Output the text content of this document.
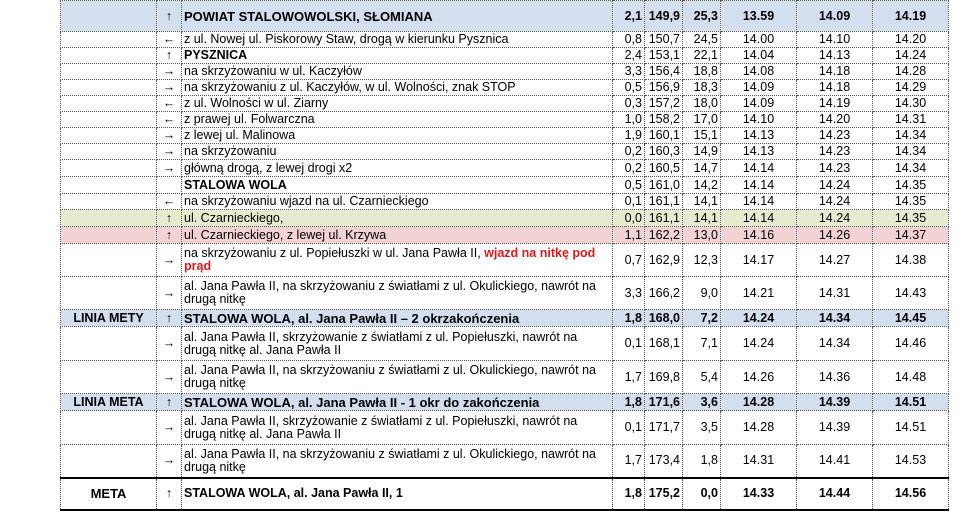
	↑	POWIAT STALOWOWOLSKI, SŁOMIANA	2,1	149,9	25,3	13.59	14.09	14.19
	←	z ul. Nowej ul. Piskorowy Staw, drogą w kierunku Pysznica	0,8	150,7	24,5	14.00	14.10	14.20
	↑	PYSZNICA	2,4	153,1	22,1	14.04	14.13	14.24
	→	na skrzyżowaniu w ul. Kaczyłów	3,3	156,4	18,8	14.08	14.18	14.28
	→	na skrzyżowaniu z ul. Kaczyłów, w ul. Wolności, znak STOP	0,5	156,9	18,3	14.09	14.18	14.29
	←	z ul. Wolności w ul. Ziarny	0,3	157,2	18,0	14.09	14.19	14.30
	←	z prawej ul. Folwarczna	1,0	158,2	17,0	14.10	14.20	14.31
	→	z lewej ul. Malinowa	1,9	160,1	15,1	14.13	14.23	14.34
	→	na skrzyżowaniu	0,2	160,3	14,9	14.13	14.23	14.34
	→	główną drogą, z lewej drogi x2	0,2	160,5	14,7	14.14	14.23	14.34
		STALOWA WOLA	0,5	161,0	14,2	14.14	14.24	14.35
	←	na skrzyżowaniu wjazd na ul. Czarnieckiego	0,1	161,1	14,1	14.14	14.24	14.35
	↑	ul. Czarnieckiego,	0,0	161,1	14,1	14.14	14.24	14.35
	↑	ul. Czarnieckiego, z lewej ul. Krzywa	1,1	162,2	13,0	14.16	14.26	14.37
	→	na skrzyżowaniu z ul. Popiełuszki w ul. Jana Pawła II, wjazd na nitkę pod prąd	0,7	162,9	12,3	14.17	14.27	14.38
	→	al. Jana Pawła II, na skrzyżowaniu z światłami z ul. Okulickiego, nawrót na drugą nitkę	3,3	166,2	9,0	14.21	14.31	14.43
LINIA METY	↑	STALOWA WOLA, al. Jana Pawła II – 2 okrzakończenia	1,8	168,0	7,2	14.24	14.34	14.45
	→	al. Jana Pawła II, skrzyżowanie z światłami z ul. Popiełuszki, nawrót na drugą nitkę al. Jana Pawła II	0,1	168,1	7,1	14.24	14.34	14.46
	→	al. Jana Pawła II, na skrzyżowaniu z światłami z ul. Okulickiego, nawrót na drugą nitkę	1,7	169,8	5,4	14.26	14.36	14.48
LINIA META	↑	STALOWA WOLA, al. Jana Pawła II - 1 okr do zakończenia	1,8	171,6	3,6	14.28	14.39	14.51
	→	al. Jana Pawła II, skrzyżowanie z światłami z ul. Popiełuszki, nawrót na drugą nitkę al. Jana Pawła II	0,1	171,7	3,5	14.28	14.39	14.51
	→	al. Jana Pawła II, na skrzyżowaniu z światłami z ul. Okulickiego, nawrót na drugą nitkę	1,7	173,4	1,8	14.31	14.41	14.53
META	↑	STALOWA WOLA, al. Jana Pawła II, 1	1,8	175,2	0,0	14.33	14.44	14.56
